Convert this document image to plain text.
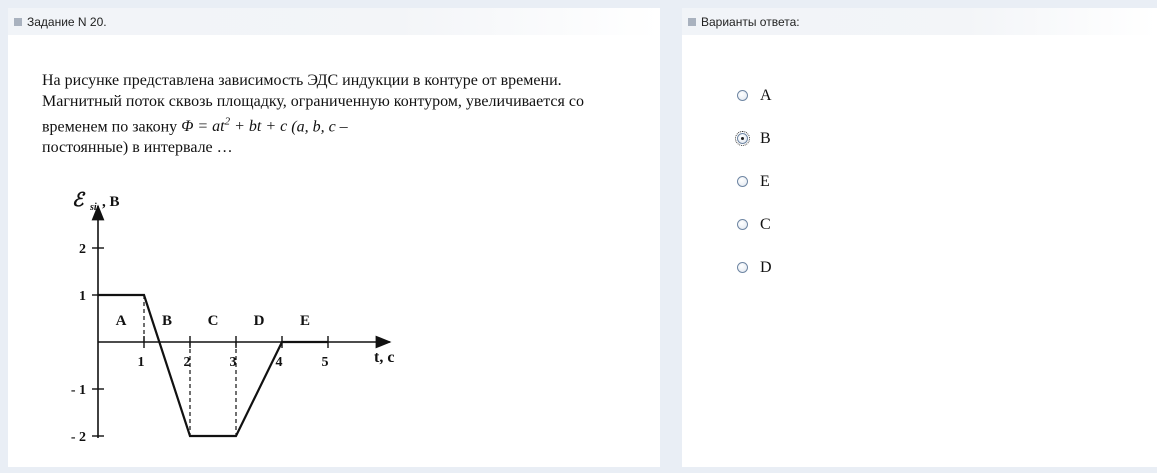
Задание N 20.
На рисунке представлена зависимость ЭДС индукции в контуре от времени. Магнитный поток сквозь площадку, ограниченную контуром, увеличивается со временем по закону $\Phi = at^2$ + bt + c (a, b, c –
постоянные) в интервале …
ℰ si , B
t, c
2
1
- 1
- 2
1	2	3	4	5
A B C D E
Варианты ответа:
A
B
E
C
D
